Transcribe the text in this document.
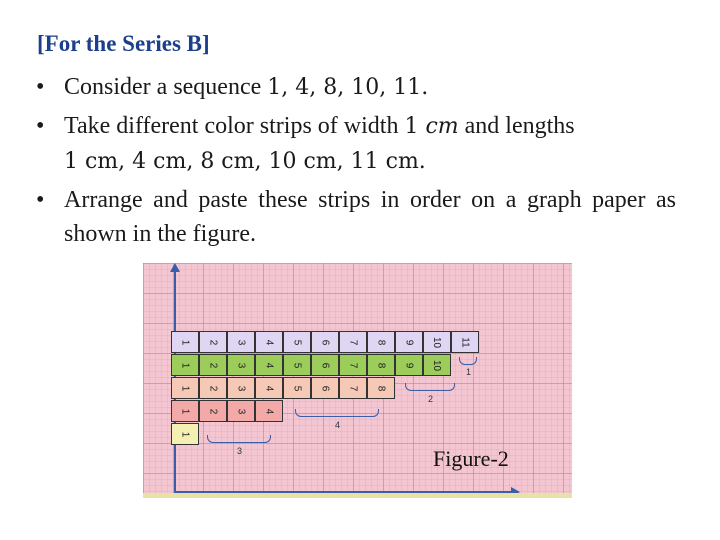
[For the Series B]
• Consider a sequence 1, 4, 8, 10, 11.
• Take different color strips of width 1 cm and lengths
1 cm, 4 cm, 8 cm, 10 cm, 11 cm.
• Arrange and paste these strips in order on a graph paper as shown in the figure.
1 2 3 4 5 6 7 8 9 10 11
1 2 3 4 5 6 7 8 9 10
1 2 3 4 5 6 7 8
1 2 3 4
1
3
4
2
1
Figure-2
